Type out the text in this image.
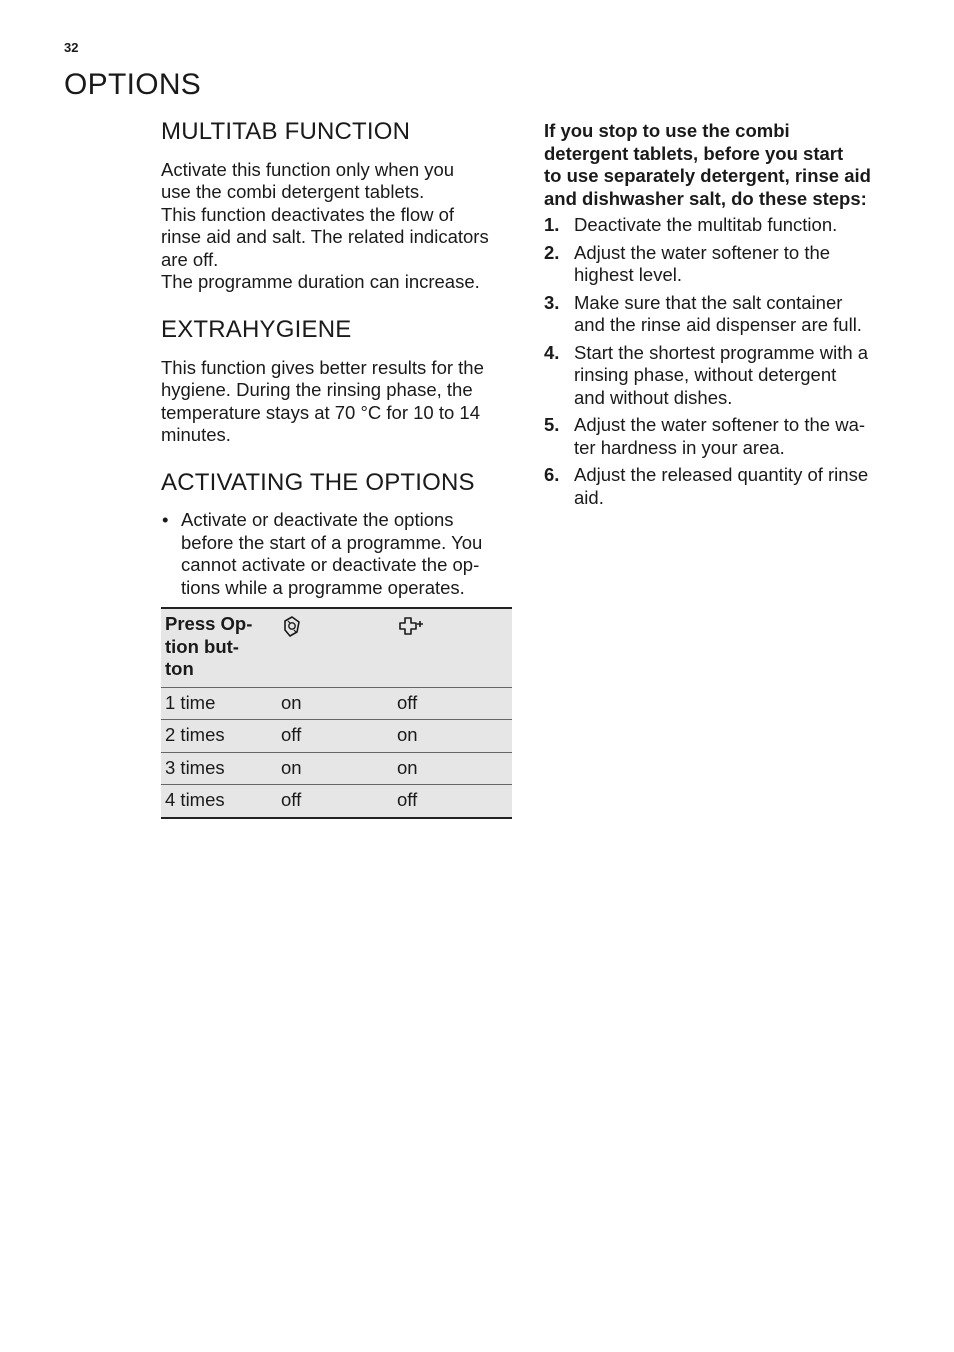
32
OPTIONS
MULTITAB FUNCTION

Activate this function only when you
use the combi detergent tablets.
This function deactivates the flow of
rinse aid and salt. The related indicators
are off.
The programme duration can increase.

EXTRAHYGIENE

This function gives better results for the
hygiene. During the rinsing phase, the
temperature stays at 70 °C for 10 to 14
minutes.

ACTIVATING THE OPTIONS
• Activate or deactivate the options
before the start of a programme. You
cannot activate or deactivate the op-
tions while a programme operates.
Press Op-
tion but-
ton		
1 time	on	off
2 times	off	on
3 times	on	on
4 times	off	off

If you stop to use the combi
detergent tablets, before you start
to use separately detergent, rinse aid
and dishwasher salt, do these steps:

1. Deactivate the multitab function.
2. Adjust the water softener to the
highest level.
3. Make sure that the salt container
and the rinse aid dispenser are full.
4. Start the shortest programme with a
rinsing phase, without detergent
and without dishes.
5. Adjust the water softener to the wa-
ter hardness in your area.
6. Adjust the released quantity of rinse
aid.
